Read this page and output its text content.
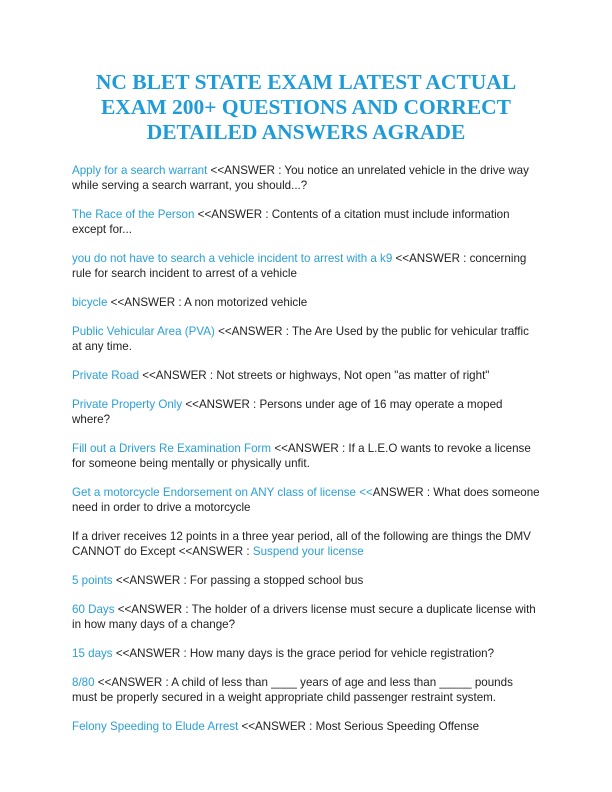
NC BLET STATE EXAM LATEST ACTUAL EXAM 200+ QUESTIONS AND CORRECT DETAILED ANSWERS AGRADE
Apply for a search warrant <<ANSWER : You notice an unrelated vehicle in the drive way while serving a search warrant, you should...?
The Race of the Person <<ANSWER : Contents of a citation must include information except for...
you do not have to search a vehicle incident to arrest with a k9 <<ANSWER : concerning rule for search incident to arrest of a vehicle
bicycle <<ANSWER : A non motorized vehicle
Public Vehicular Area (PVA) <<ANSWER : The Are Used by the public for vehicular traffic at any time.
Private Road <<ANSWER : Not streets or highways, Not open "as matter of right"
Private Property Only <<ANSWER : Persons under age of 16 may operate a moped where?
Fill out a Drivers Re Examination Form <<ANSWER : If a L.E.O wants to revoke a license for someone being mentally or physically unfit.
Get a motorcycle Endorsement on ANY class of license <<ANSWER : What does someone need in order to drive a motorcycle
If a driver receives 12 points in a three year period, all of the following are things the DMV CANNOT do Except <<ANSWER : Suspend your license
5 points <<ANSWER : For passing a stopped school bus
60 Days <<ANSWER : The holder of a drivers license must secure a duplicate license with in how many days of a change?
15 days <<ANSWER : How many days is the grace period for vehicle registration?
8/80 <<ANSWER : A child of less than ____ years of age and less than _____ pounds must be properly secured in a weight appropriate child passenger restraint system.
Felony Speeding to Elude Arrest <<ANSWER : Most Serious Speeding Offense
